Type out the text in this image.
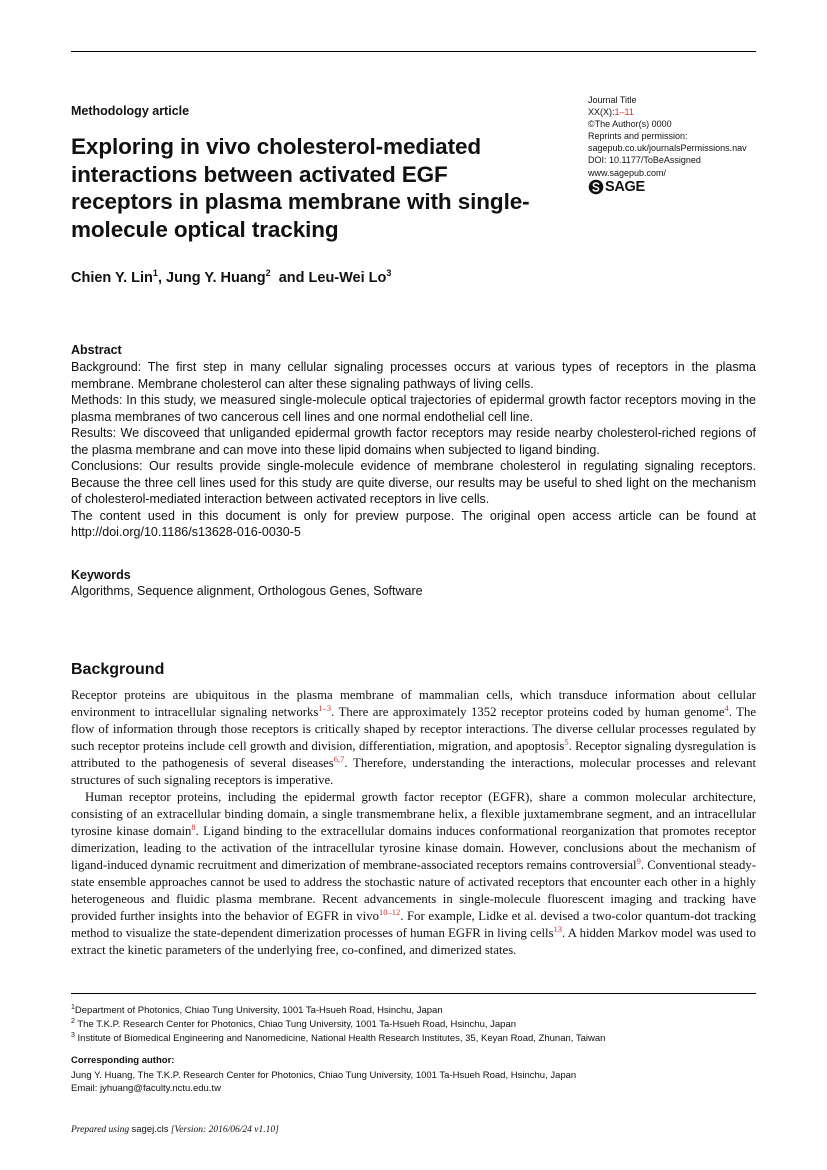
Methodology article
Exploring in vivo cholesterol-mediated interactions between activated EGF receptors in plasma membrane with single-molecule optical tracking
Chien Y. Lin$^1$, Jung Y. Huang$^2$  and Leu-Wei Lo$^3$
Journal Title
XX(X):1–11
©The Author(s) 0000
Reprints and permission:
sagepub.co.uk/journalsPermissions.nav
DOI: 10.1177/ToBeAssigned
www.sagepub.com/
SAGE
Abstract

Background: The first step in many cellular signaling processes occurs at various types of receptors in the plasma membrane. Membrane cholesterol can alter these signaling pathways of living cells.

Methods: In this study, we measured single-molecule optical trajectories of epidermal growth factor receptors moving in the plasma membranes of two cancerous cell lines and one normal endothelial cell line.

Results: We discoveed that unliganded epidermal growth factor receptors may reside nearby cholesterol-riched regions of the plasma membrane and can move into these lipid domains when subjected to ligand binding.

Conclusions: Our results provide single-molecule evidence of membrane cholesterol in regulating signaling receptors. Because the three cell lines used for this study are quite diverse, our results may be useful to shed light on the mechanism of cholesterol-mediated interaction between activated receptors in live cells.

The content used in this document is only for preview purpose. The original open access article can be found at http://doi.org/10.1186/s13628-016-0030-5

Keywords
Algorithms, Sequence alignment, Orthologous Genes, Software
Background

Receptor proteins are ubiquitous in the plasma membrane of mammalian cells, which transduce information about cellular environment to intracellular signaling networks$^{1-3}$. There are approximately 1352 receptor proteins coded by human genome$^4$. The flow of information through those receptors is critically shaped by receptor interactions. The diverse cellular processes regulated by such receptor proteins include cell growth and division, differentiation, migration, and apoptosis$^5$. Receptor signaling dysregulation is attributed to the pathogenesis of several diseases$^{6,7}$. Therefore, understanding the interactions, molecular processes and relevant structures of such signaling receptors is imperative.

Human receptor proteins, including the epidermal growth factor receptor (EGFR), share a common molecular architecture, consisting of an extracellular binding domain, a single transmembrane helix, a flexible juxtamembrane segment, and an intracellular tyrosine kinase domain$^8$. Ligand binding to the extracellular domains induces conformational reorganization that promotes receptor dimerization, leading to the activation of the intracellular tyrosine kinase domain. However, conclusions about the mechanism of ligand-induced dynamic recruitment and dimerization of membrane-associated receptors remains controversial$^9$. Conventional steady-state ensemble approaches cannot be used to address the stochastic nature of activated receptors that encounter each other in a highly heterogeneous and fluidic plasma membrane. Recent advancements in single-molecule fluorescent imaging and tracking have provided further insights into the behavior of EGFR in vivo$^{10-12}$. For example, Lidke et al. devised a two-color quantum-dot tracking method to visualize the state-dependent dimerization processes of human EGFR in living cells$^{13}$. A hidden Markov model was used to extract the kinetic parameters of the underlying free, co-confined, and dimerized states.

$^1$Department of Photonics, Chiao Tung University, 1001 Ta-Hsueh Road, Hsinchu, Japan
$^2$ The T.K.P. Research Center for Photonics, Chiao Tung University, 1001 Ta-Hsueh Road, Hsinchu, Japan
$^3$ Institute of Biomedical Engineering and Nanomedicine, National Health Research Institutes, 35, Keyan Road, Zhunan, Taiwan
Corresponding author:
Jung Y. Huang, The T.K.P. Research Center for Photonics, Chiao Tung University, 1001 Ta-Hsueh Road, Hsinchu, Japan
Email: jyhuang@faculty.nctu.edu.tw
Prepared using sagej.cls [Version: 2016/06/24 v1.10]
